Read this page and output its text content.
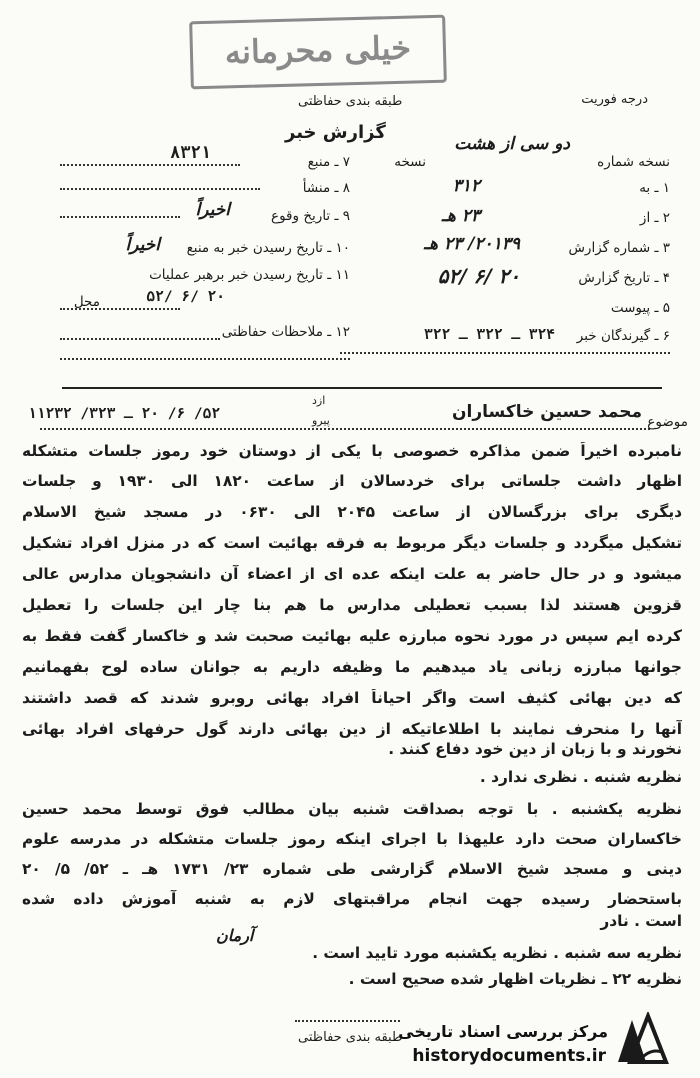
خیلی محرمانه
درجه فوریت
طبقه بندی حفاظتی
گزارش خبر
نسخه شماره
دو سی از هشت
نسخه
۸۳۲۱
۱ ـ به
۳۱۲
۲ ـ از
۲۳ هـ
۳ ـ شماره گزارش
۲۰۱۳۹/ ۲۳ هـ
۴ ـ تاریخ گزارش
۵۲/ ۶/ ۲۰
۵ ـ پیوست
۶ ـ گیرندگان خبر
۳۲۴ ـ ۳۲۲ ـ ۳۲۲
۷ ـ منبع
۸ ـ منشأ
اخیراً	۹ ـ تاریخ وقوع
اخیراً ۱۰ ـ تاریخ رسیدن خبر به منبع
۱۱ ـ تاریخ رسیدن خبر برهبر عملیات
محل	۵۲/ ۶/ ۲۰
۱۲ ـ ملاحظات حفاظتی
موضوع
محمد حسین خاکساران
۵۲/ ۶/ ۲۰ ـ ۳۲۳/ ۱۱۲۳۲
ازد
پیرو
نامبرده اخیراً ضمن مذاکره خصوصی با یکی از دوستان خود رموز جلسات متشکله
اظهار داشت جلساتی برای خردسالان از ساعت ۱۸۲۰ الی ۱۹۳۰ و جلسات
دیگری برای بزرگسالان از ساعت ۲۰۴۵ الی ۰۶۳۰ در مسجد شیخ الاسلام
تشکیل میگردد و جلسات دیگر مربوط به فرقه بهائیت است که در منزل افراد تشکیل
میشود و در حال حاضر به علت اینکه عده ای از اعضاء آن دانشجویان مدارس عالی
قزوین هستند لذا بسبب تعطیلی مدارس ما هم بنا چار این جلسات را تعطیل
کرده ایم سپس در مورد نحوه مبارزه علیه بهائیت صحبت شد و خاکسار گفت فقط به
جوانها مبارزه زبانی یاد میدهیم ما وظیفه داریم به جوانان ساده لوح بفهمانیم
که دین بهائی کثیف است واگر احیاناً افراد بهائی روبرو شدند که قصد داشتند
آنها را منحرف نمایند با اطلاعاتیکه از دین بهائی دارند گول حرفهای افراد بهائی
نخورند و با زبان از دین خود دفاع کنند .
نظریه شنبه . نظری ندارد .
نظریه یکشنبه . با توجه بصداقت شنبه بیان مطالب فوق توسط محمد حسین
خاکساران صحت دارد علیهذا با اجرای اینکه رموز جلسات متشکله در مدرسه علوم
دینی و مسجد شیخ الاسلام گزارشی طی شماره ۲۳/ ۱۷۳۱ هـ ـ ۵۲/ ۵/ ۲۰
باستحضار رسیده جهت انجام مراقبتهای لازم به شنبه آموزش داده شده
است . نادر
نظریه سه شنبه . نظریه یکشنبه مورد تایید است .
نظریه ۲۲ ـ نظریات اظهار شده صحیح است .
آرمان
طبقه بندی حفاظتی
مرکز بررسی اسناد تاریخی
historydocuments.ir
